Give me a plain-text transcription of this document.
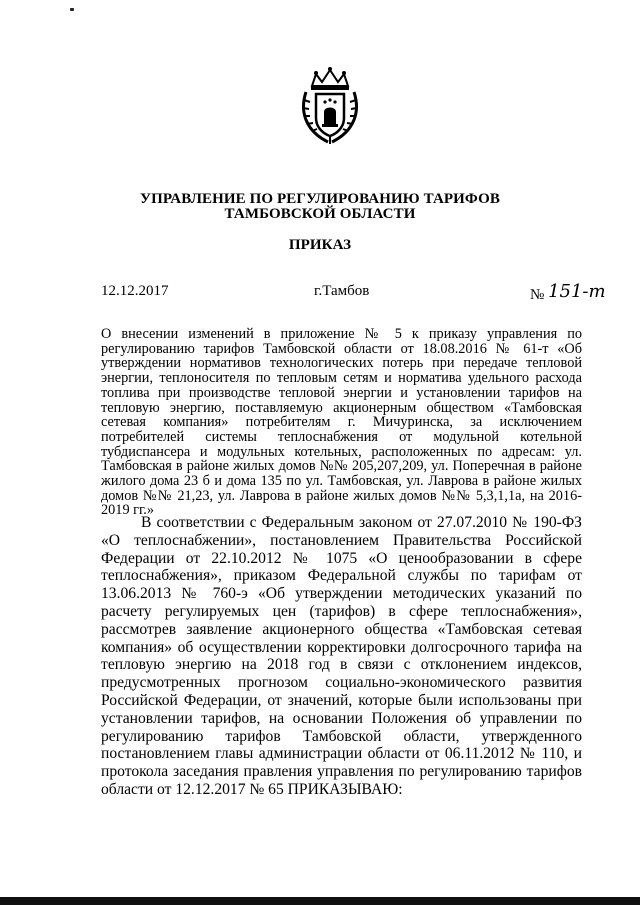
УПРАВЛЕНИЕ ПО РЕГУЛИРОВАНИЮ ТАРИФОВ
ТАМБОВСКОЙ ОБЛАСТИ
ПРИКАЗ
12.12.2017	г.Тамбов	№ 151-т

О внесении изменений в приложение № 5 к приказу управления по регулированию тарифов Тамбовской области от 18.08.2016 № 61-т «Об утверждении нормативов технологических потерь при передаче тепловой энергии, теплоносителя по тепловым сетям и норматива удельного расхода топлива при производстве тепловой энергии и установлении тарифов на тепловую энергию, поставляемую акционерным обществом «Тамбовская сетевая компания» потребителям г. Мичуринска, за исключением потребителей системы теплоснабжения от модульной котельной тубдиспансера и модульных котельных, расположенных по адресам: ул. Тамбовская в районе жилых домов №№ 205,207,209, ул. Поперечная в районе жилого дома 23 б и дома 135 по ул. Тамбовская, ул. Лаврова в районе жилых домов №№ 21,23, ул. Лаврова в районе жилых домов №№ 5,3,1,1а, на 2016-2019 гг.»

В соответствии с Федеральным законом от 27.07.2010 № 190-ФЗ «О теплоснабжении», постановлением Правительства Российской Федерации от 22.10.2012 № 1075 «О ценообразовании в сфере теплоснабжения», приказом Федеральной службы по тарифам от 13.06.2013 № 760-э «Об утверждении методических указаний по расчету регулируемых цен (тарифов) в сфере теплоснабжения», рассмотрев заявление акционерного общества «Тамбовская сетевая компания» об осуществлении корректировки долгосрочного тарифа на тепловую энергию на 2018 год в связи с отклонением индексов, предусмотренных прогнозом социально-экономического развития Российской Федерации, от значений, которые были использованы при установлении тарифов, на основании Положения об управлении по регулированию тарифов Тамбовской области, утвержденного постановлением главы администрации области от 06.11.2012 № 110, и протокола заседания правления управления по регулированию тарифов области от 12.12.2017 № 65 ПРИКАЗЫВАЮ:
